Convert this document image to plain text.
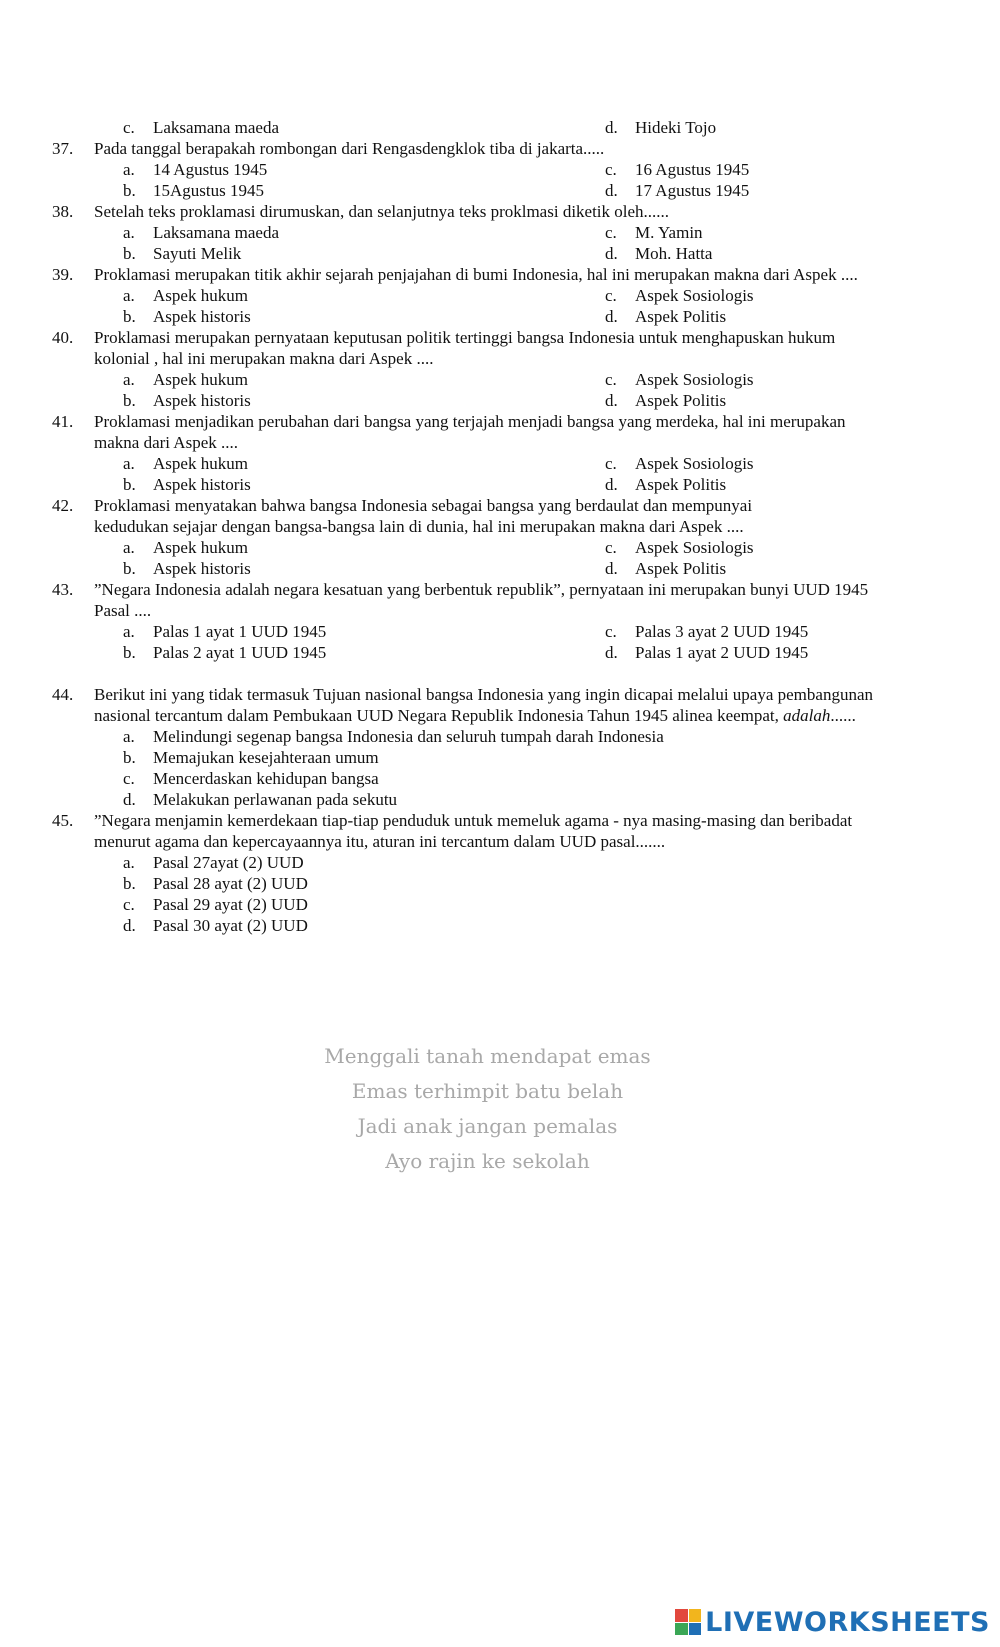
c. Laksamana maeda	d. Hideki Tojo
37. Pada tanggal berapakah rombongan dari Rengasdengklok tiba di jakarta.....
a. 14 Agustus 1945	c. 16 Agustus 1945
b. 15Agustus 1945	d. 17 Agustus 1945
38. Setelah teks proklamasi dirumuskan, dan selanjutnya teks proklmasi diketik oleh......
a. Laksamana maeda	c. M. Yamin
b. Sayuti Melik	d. Moh. Hatta
39. Proklamasi merupakan titik akhir sejarah penjajahan di bumi Indonesia, hal ini merupakan makna dari Aspek ....
a. Aspek hukum	c. Aspek Sosiologis
b. Aspek historis	d. Aspek Politis
40. Proklamasi merupakan pernyataan keputusan politik tertinggi bangsa Indonesia untuk menghapuskan hukum
kolonial , hal ini merupakan makna dari Aspek ....
a. Aspek hukum	c. Aspek Sosiologis
b. Aspek historis	d. Aspek Politis
41. Proklamasi menjadikan perubahan dari bangsa yang terjajah menjadi bangsa yang merdeka, hal ini merupakan
makna dari Aspek ....
a. Aspek hukum	c. Aspek Sosiologis
b. Aspek historis	d. Aspek Politis
42. Proklamasi menyatakan bahwa bangsa Indonesia sebagai bangsa yang berdaulat dan mempunyai
kedudukan sejajar dengan bangsa-bangsa lain di dunia, hal ini merupakan makna dari Aspek ....
a. Aspek hukum	c. Aspek Sosiologis
b. Aspek historis	d. Aspek Politis
43. ”Negara Indonesia adalah negara kesatuan yang berbentuk republik”, pernyataan ini merupakan bunyi UUD 1945
Pasal ....
a. Palas 1 ayat 1 UUD 1945	c. Palas 3 ayat 2 UUD 1945
b. Palas 2 ayat 1 UUD 1945	d. Palas 1 ayat 2 UUD 1945
44. Berikut ini yang tidak termasuk Tujuan nasional bangsa Indonesia yang ingin dicapai melalui upaya pembangunan
nasional tercantum dalam Pembukaan UUD Negara Republik Indonesia Tahun 1945 alinea keempat, adalah......
a. Melindungi segenap bangsa Indonesia dan seluruh tumpah darah Indonesia
b. Memajukan kesejahteraan umum
c. Mencerdaskan kehidupan bangsa
d. Melakukan perlawanan pada sekutu
45. ”Negara menjamin kemerdekaan tiap-tiap penduduk untuk memeluk agama - nya masing-masing dan beribadat
menurut agama dan kepercayaannya itu, aturan ini tercantum dalam UUD pasal.......
a. Pasal 27ayat (2) UUD
b. Pasal 28 ayat (2) UUD
c. Pasal 29 ayat (2) UUD
d. Pasal 30 ayat (2) UUD
Menggali tanah mendapat emas
Emas terhimpit batu belah
Jadi anak jangan pemalas
Ayo rajin ke sekolah
LIVEWORKSHEETS
